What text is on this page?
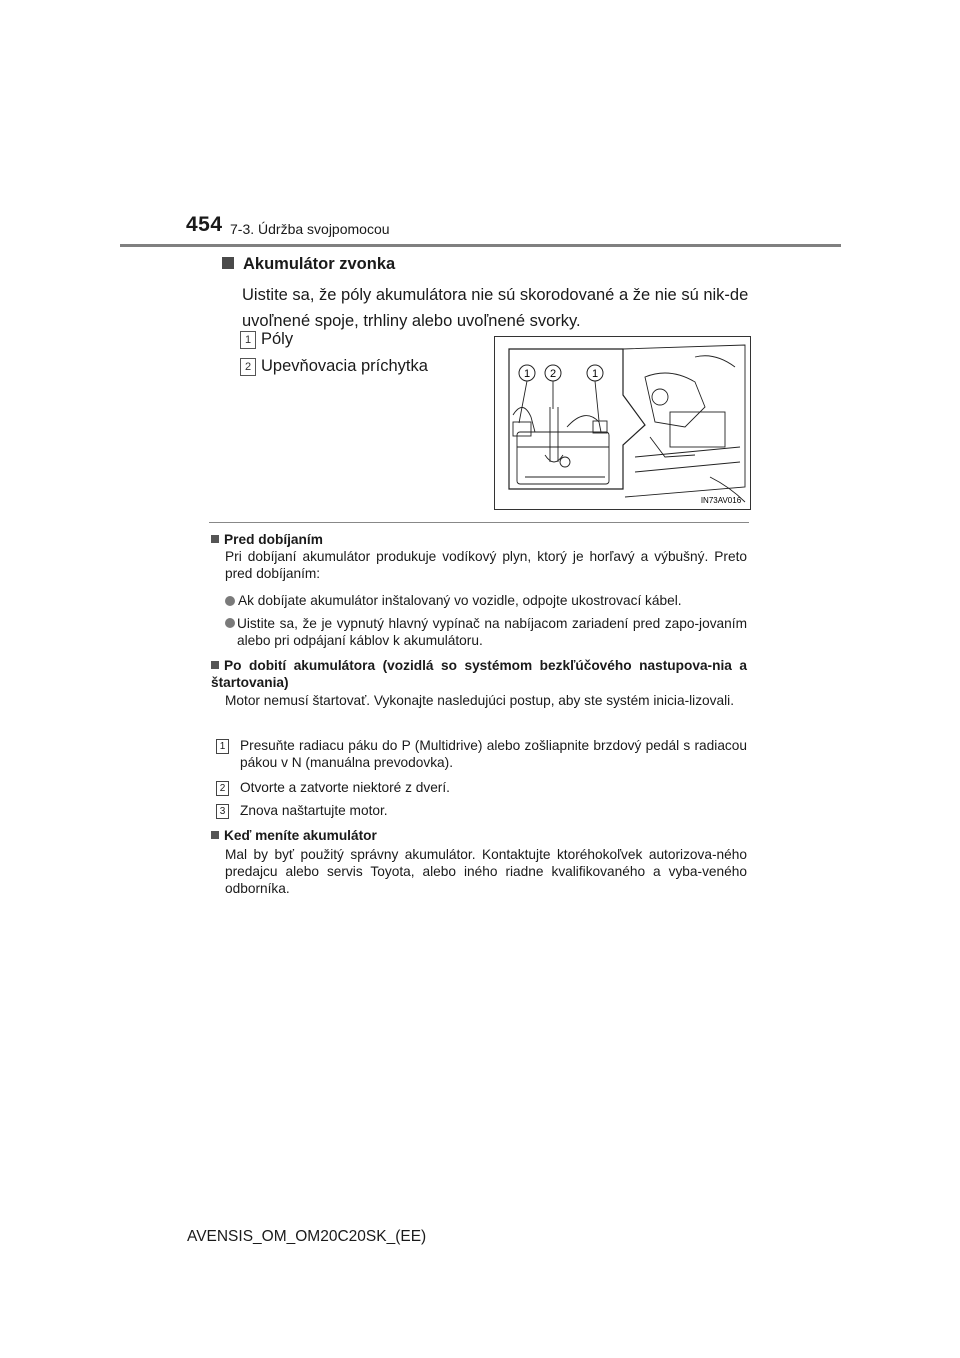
454 7-3. Údržba svojpomocou
Akumulátor zvonka
Uistite sa, že póly akumulátora nie sú skorodované a že nie sú nik-de uvoľnené spoje, trhliny alebo uvoľnené svorky.
1 Póly
2 Upevňovacia príchytka	1 2	1
IN73AV016
Pred dobíjaním
Pri dobíjaní akumulátor produkuje vodíkový plyn, ktorý je horľavý a výbušný. Preto pred dobíjaním:
Ak dobíjate akumulátor inštalovaný vo vozidle, odpojte ukostrovací kábel.
Uistite sa, že je vypnutý hlavný vypínač na nabíjacom zariadení pred zapo-jovaním alebo pri odpájaní káblov k akumulátoru.
Po dobití akumulátora (vozidlá so systémom bezkľúčového nastupova-nia a štartovania)
Motor nemusí štartovať. Vykonajte nasledujúci postup, aby ste systém inicia-lizovali.
1 Presuňte radiacu páku do P (Multidrive) alebo zošliapnite brzdový pedál s radiacou pákou v N (manuálna prevodovka).
2 Otvorte a zatvorte niektoré z dverí.
3 Znova naštartujte motor.
Keď meníte akumulátor
Mal by byť použitý správny akumulátor. Kontaktujte ktoréhokoľvek autorizova-ného predajcu alebo servis Toyota, alebo iného riadne kvalifikovaného a vyba-veného odborníka.
AVENSIS_OM_OM20C20SK_(EE)
